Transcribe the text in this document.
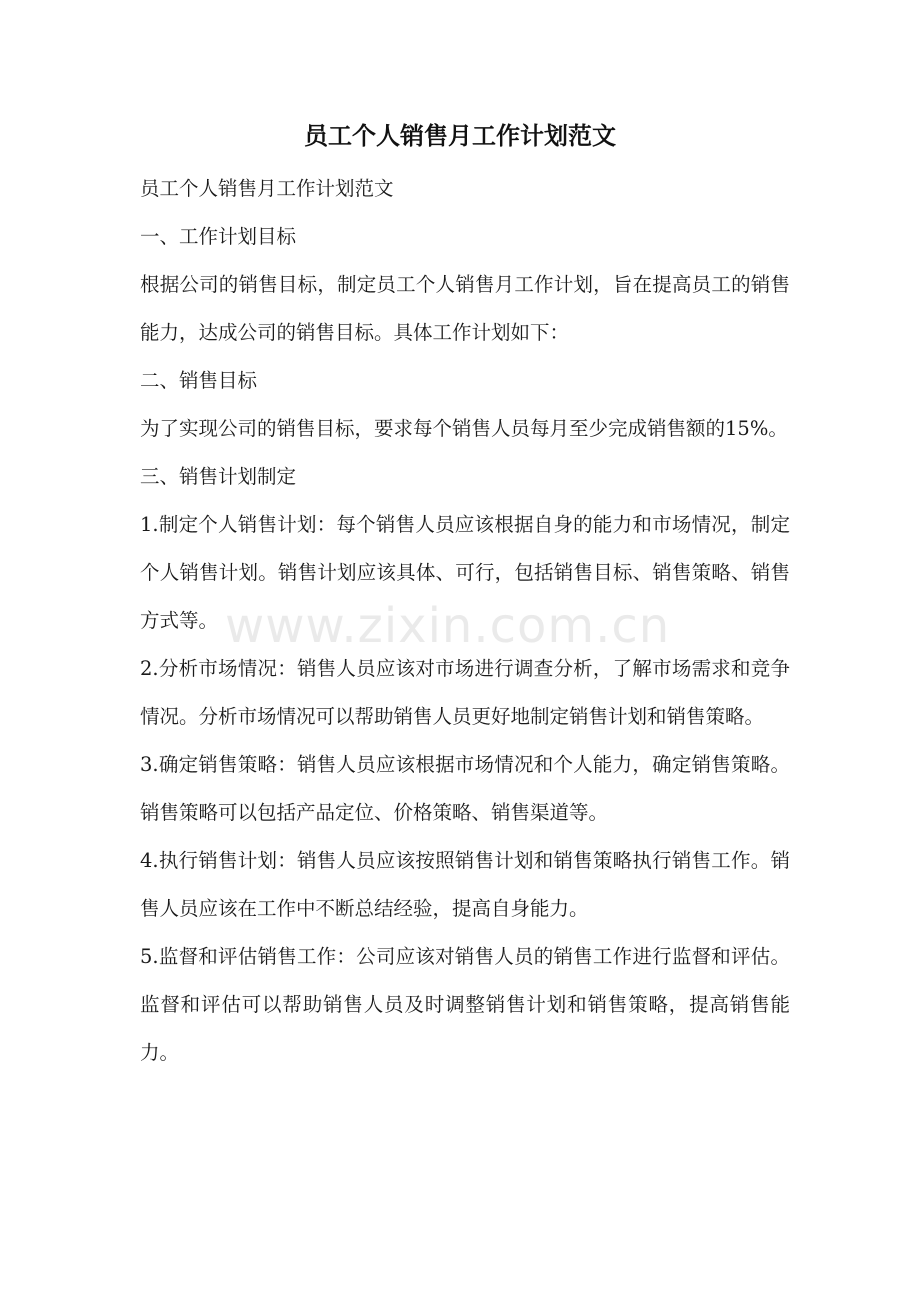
员工个人销售月工作计划范文

员工个人销售月工作计划范文

一、工作计划目标

根据公司的销售目标，制定员工个人销售月工作计划，旨在提高员工的销售能力，达成公司的销售目标。具体工作计划如下：

二、销售目标

为了实现公司的销售目标，要求每个销售人员每月至少完成销售额的15%。

三、销售计划制定

1.制定个人销售计划：每个销售人员应该根据自身的能力和市场情况，制定个人销售计划。销售计划应该具体、可行，包括销售目标、销售策略、销售方式等。

2.分析市场情况：销售人员应该对市场进行调查分析，了解市场需求和竞争情况。分析市场情况可以帮助销售人员更好地制定销售计划和销售策略。

3.确定销售策略：销售人员应该根据市场情况和个人能力，确定销售策略。销售策略可以包括产品定位、价格策略、销售渠道等。

4.执行销售计划：销售人员应该按照销售计划和销售策略执行销售工作。销售人员应该在工作中不断总结经验，提高自身能力。

5.监督和评估销售工作：公司应该对销售人员的销售工作进行监督和评估。监督和评估可以帮助销售人员及时调整销售计划和销售策略，提高销售能力。

www.zixin.com.cn
